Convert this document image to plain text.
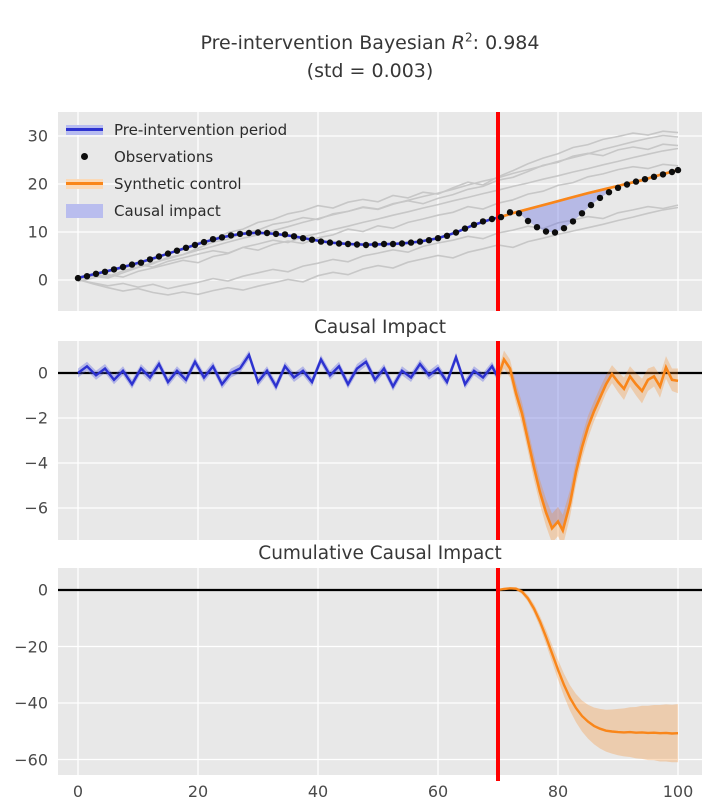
Pre-intervention Bayesian $R^2$: 0.984
(std = 0.003)
Causal Impact
Cumulative Causal Impact
Pre-intervention period
Observations
Synthetic control
Causal impact
0
10
20
30
0
−2
−4
−6
0
−20
−40
−60
0	20	40	60	80	100
